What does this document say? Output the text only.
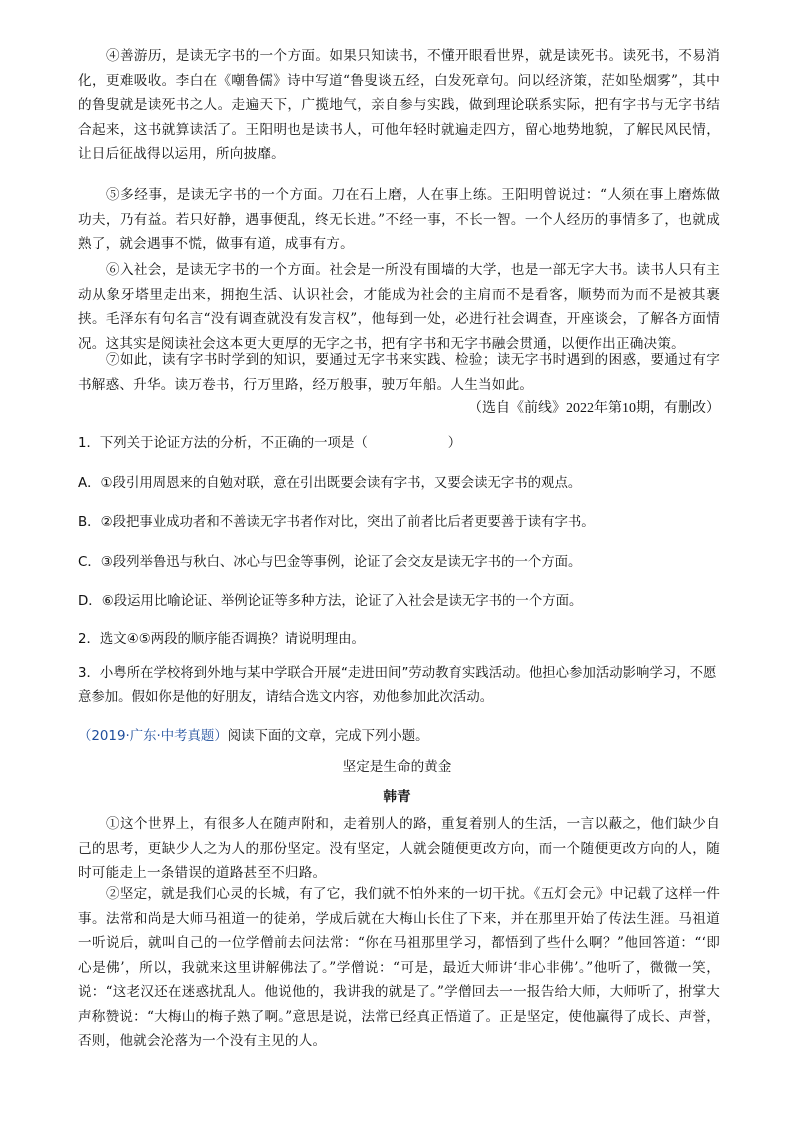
④善游历，是读无字书的一个方面。如果只知读书，不懂开眼看世界，就是读死书。读死书，不易消化，更难吸收。李白在《嘲鲁儒》诗中写道“鲁叟谈五经，白发死章句。问以经济策，茫如坠烟雾”，其中的鲁叟就是读死书之人。走遍天下，广揽地气，亲自参与实践，做到理论联系实际，把有字书与无字书结合起来，这书就算读活了。王阳明也是读书人，可他年轻时就遍走四方，留心地势地貌，了解民风民情，让日后征战得以运用，所向披靡。

⑤多经事，是读无字书的一个方面。刀在石上磨，人在事上练。王阳明曾说过：“人须在事上磨炼做功夫，乃有益。若只好静，遇事便乱，终无长进。”不经一事，不长一智。一个人经历的事情多了，也就成熟了，就会遇事不慌，做事有道，成事有方。

⑥入社会，是读无字书的一个方面。社会是一所没有围墙的大学，也是一部无字大书。读书人只有主动从象牙塔里走出来，拥抱生活、认识社会，才能成为社会的主肩而不是看客，顺势而为而不是被其裹挟。毛泽东有句名言“没有调查就没有发言权”，他每到一处，必进行社会调查，开座谈会，了解各方面情况。这其实是阅读社会这本更大更厚的无字之书，把有字书和无字书融会贯通，以便作出正确决策。

⑦如此，读有字书时学到的知识，要通过无字书来实践、检验；读无字书时遇到的困惑，要通过有字书解惑、升华。读万卷书，行万里路，经万般事，驶万年船。人生当如此。

（选自《前线》2022年第10期，有删改）

1．下列关于论证方法的分析，不正确的一项是（	）

A．①段引用周恩来的自勉对联，意在引出既要会读有字书，又要会读无字书的观点。

B．②段把事业成功者和不善读无字书者作对比，突出了前者比后者更要善于读有字书。

C．③段列举鲁迅与秋白、冰心与巴金等事例，论证了会交友是读无字书的一个方面。

D．⑥段运用比喻论证、举例论证等多种方法，论证了入社会是读无字书的一个方面。

2．选文④⑤两段的顺序能否调换？请说明理由。

3．小粤所在学校将到外地与某中学联合开展“走进田间”劳动教育实践活动。他担心参加活动影响学习，不愿意参加。假如你是他的好朋友，请结合选文内容，劝他参加此次活动。

（2019·广东·中考真题）阅读下面的文章，完成下列小题。

坚定是生命的黄金

韩青

①这个世界上，有很多人在随声附和，走着别人的路，重复着别人的生活，一言以蔽之，他们缺少自己的思考，更缺少人之为人的那份坚定。没有坚定，人就会随便更改方向，而一个随便更改方向的人，随时可能走上一条错误的道路甚至不归路。

②坚定，就是我们心灵的长城，有了它，我们就不怕外来的一切干扰。《五灯会元》中记载了这样一件事。法常和尚是大师马祖道一的徒弟，学成后就在大梅山长住了下来，并在那里开始了传法生涯。马祖道一听说后，就叫自己的一位学僧前去问法常：“你在马祖那里学习，都悟到了些什么啊？”他回答道：“‘即心是佛’，所以，我就来这里讲解佛法了。”学僧说：“可是，最近大师讲‘非心非佛’。”他听了，微微一笑，说：“这老汉还在迷惑扰乱人。他说他的，我讲我的就是了。”学僧回去一一报告给大师，大师听了，拊掌大声称赞说：“大梅山的梅子熟了啊。”意思是说，法常已经真正悟道了。正是坚定，使他赢得了成长、声誉，否则，他就会沦落为一个没有主见的人。
